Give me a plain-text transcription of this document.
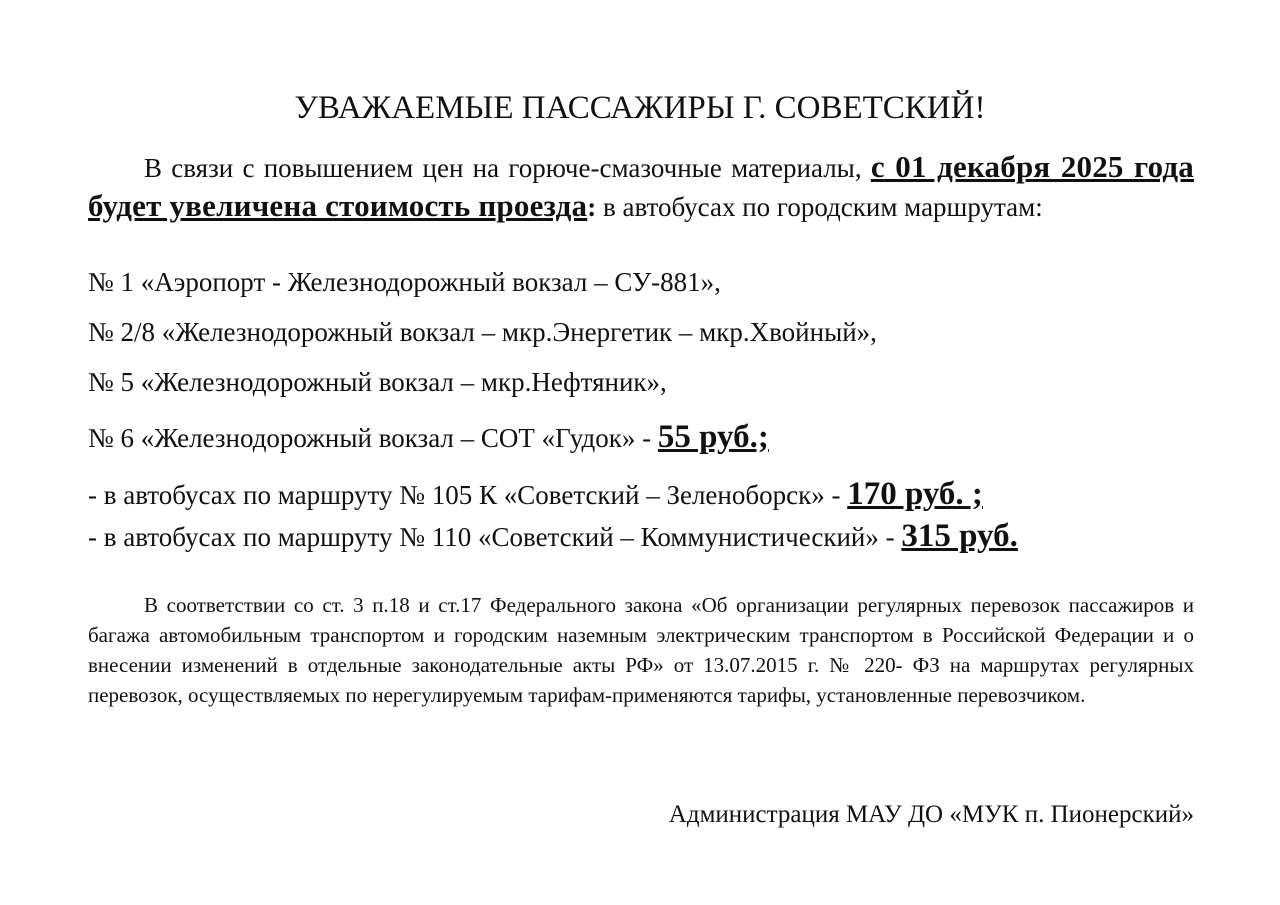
УВАЖАЕМЫЕ ПАССАЖИРЫ Г. СОВЕТСКИЙ!
В связи с повышением цен на горюче-смазочные материалы, с 01 декабря 2025 года будет увеличена стоимость проезда: в автобусах по городским маршрутам:
№ 1 «Аэропорт - Железнодорожный вокзал – СУ-881»,
№ 2/8 «Железнодорожный вокзал – мкр.Энергетик – мкр.Хвойный»,
№ 5 «Железнодорожный вокзал – мкр.Нефтяник»,
№ 6 «Железнодорожный вокзал – СОТ «Гудок» - 55 руб.;
- в автобусах по маршруту № 105 К «Советский – Зеленоборск» - 170 руб. ;
- в автобусах по маршруту № 110 «Советский – Коммунистический» - 315 руб.
В соответствии со ст. 3 п.18 и ст.17 Федерального закона «Об организации регулярных перевозок пассажиров и багажа автомобильным транспортом и городским наземным электрическим транспортом в Российской Федерации и о внесении изменений в отдельные законодательные акты РФ» от 13.07.2015 г. № 220- ФЗ на маршрутах регулярных перевозок, осуществляемых по нерегулируемым тарифам-применяются тарифы, установленные перевозчиком.
Администрация МАУ ДО «МУК п. Пионерский»
